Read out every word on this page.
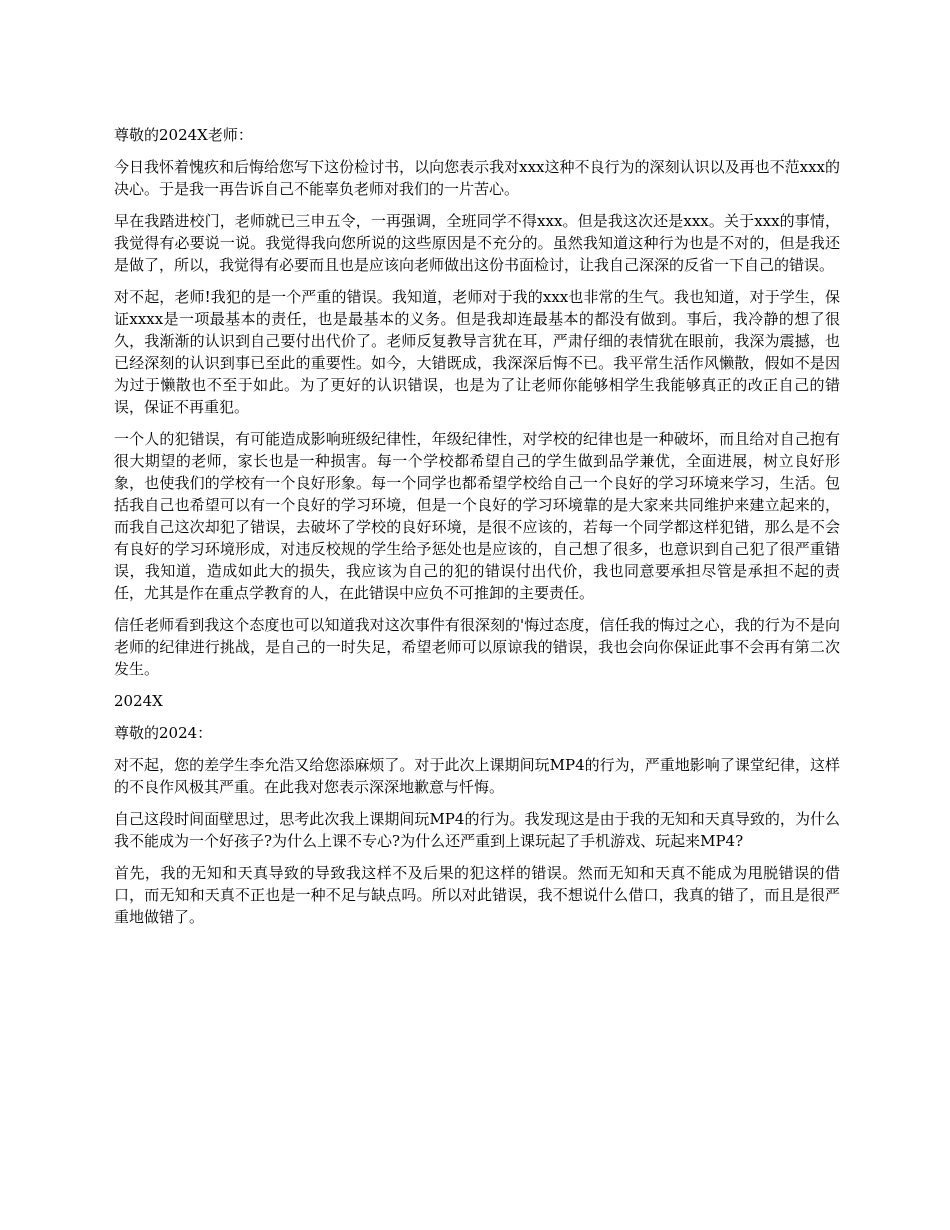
尊敬的2024X老师：

今日我怀着愧疚和后悔给您写下这份检讨书，以向您表示我对xxx这种不良行为的深刻认识以及再也不范xxx的决心。于是我一再告诉自己不能辜负老师对我们的一片苦心。

早在我踏进校门，老师就已三申五令，一再强调，全班同学不得xxx。但是我这次还是xxx。关于xxx的事情，我觉得有必要说一说。我觉得我向您所说的这些原因是不充分的。虽然我知道这种行为也是不对的，但是我还是做了，所以，我觉得有必要而且也是应该向老师做出这份书面检讨，让我自己深深的反省一下自己的错误。

对不起，老师!我犯的是一个严重的错误。我知道，老师对于我的xxx也非常的生气。我也知道，对于学生，保证xxxx是一项最基本的责任，也是最基本的义务。但是我却连最基本的都没有做到。事后，我冷静的想了很久，我渐渐的认识到自己要付出代价了。老师反复教导言犹在耳，严肃仔细的表情犹在眼前，我深为震撼，也已经深刻的认识到事已至此的重要性。如今，大错既成，我深深后悔不已。我平常生活作风懒散，假如不是因为过于懒散也不至于如此。为了更好的认识错误，也是为了让老师你能够相学生我能够真正的改正自己的错误，保证不再重犯。

一个人的犯错误，有可能造成影响班级纪律性，年级纪律性，对学校的纪律也是一种破坏，而且给对自己抱有很大期望的老师，家长也是一种损害。每一个学校都希望自己的学生做到品学兼优，全面进展，树立良好形象，也使我们的学校有一个良好形象。每一个同学也都希望学校给自己一个良好的学习环境来学习，生活。包括我自己也希望可以有一个良好的学习环境，但是一个良好的学习环境靠的是大家来共同维护来建立起来的，而我自己这次却犯了错误，去破坏了学校的良好环境，是很不应该的，若每一个同学都这样犯错，那么是不会有良好的学习环境形成，对违反校规的学生给予惩处也是应该的，自己想了很多，也意识到自己犯了很严重错误，我知道，造成如此大的损失，我应该为自己的犯的错误付出代价，我也同意要承担尽管是承担不起的责任，尤其是作在重点学教育的人，在此错误中应负不可推卸的主要责任。

信任老师看到我这个态度也可以知道我对这次事件有很深刻的'悔过态度，信任我的悔过之心，我的行为不是向老师的纪律进行挑战，是自己的一时失足，希望老师可以原谅我的错误，我也会向你保证此事不会再有第二次发生。

2024X

尊敬的2024：

对不起，您的差学生李允浩又给您添麻烦了。对于此次上课期间玩MP4的行为，严重地影响了课堂纪律，这样的不良作风极其严重。在此我对您表示深深地歉意与忏悔。

自己这段时间面壁思过，思考此次我上课期间玩MP4的行为。我发现这是由于我的无知和天真导致的，为什么我不能成为一个好孩子?为什么上课不专心?为什么还严重到上课玩起了手机游戏、玩起来MP4?

首先，我的无知和天真导致的导致我这样不及后果的犯这样的错误。然而无知和天真不能成为甩脱错误的借口，而无知和天真不正也是一种不足与缺点吗。所以对此错误，我不想说什么借口，我真的错了，而且是很严重地做错了。
